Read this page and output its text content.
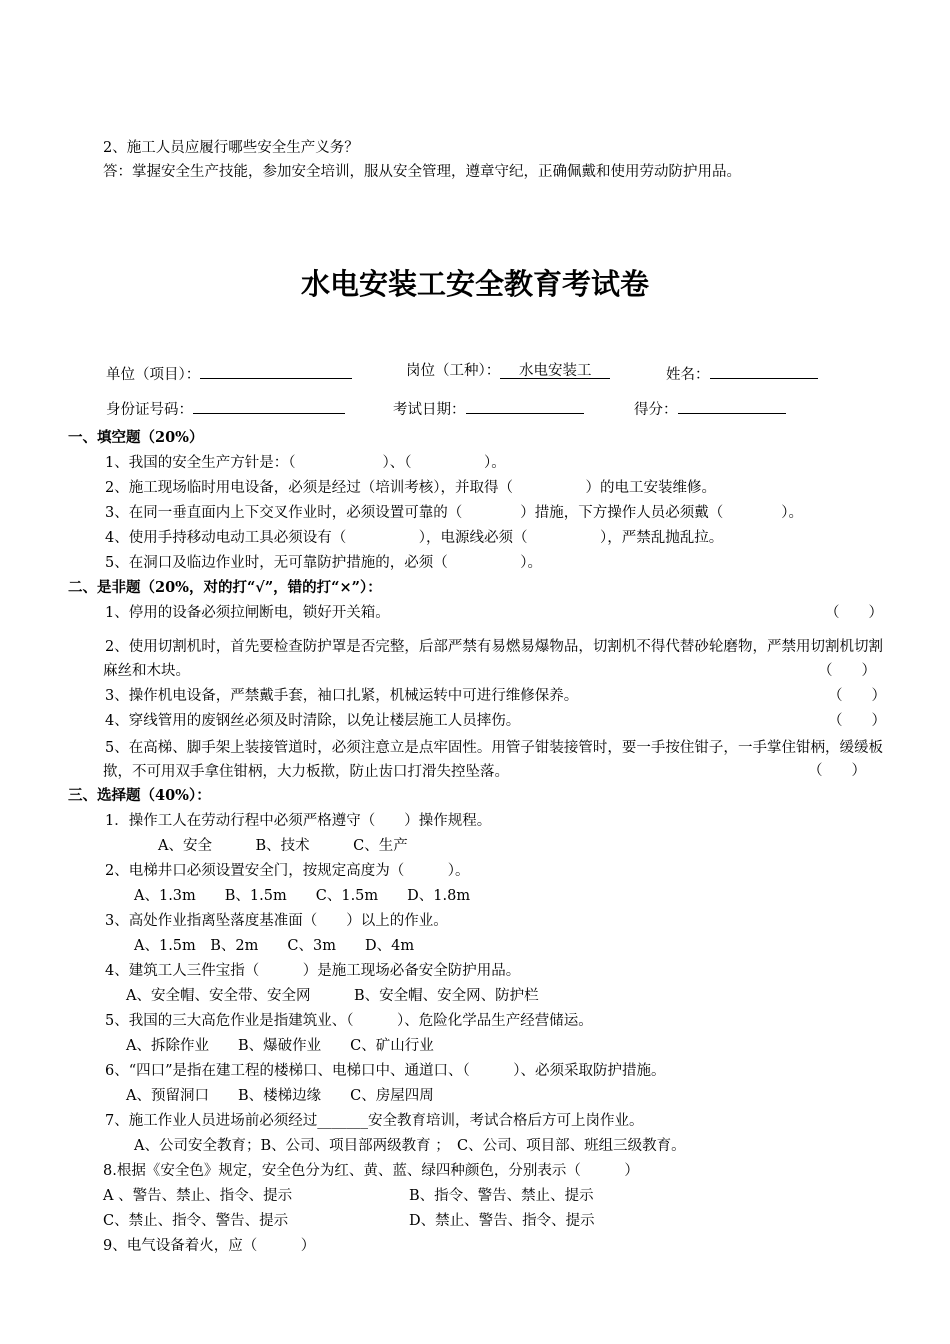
2、施工人员应履行哪些安全生产义务？
答：掌握安全生产技能，参加安全培训，服从安全管理，遵章守纪，正确佩戴和使用劳动防护用品。
水电安装工安全教育考试卷
单位（项目）：	岗位（工种）： 水电安装工	姓名：
身份证号码：	考试日期：	得分：
一、填空题（20%）
1、我国的安全生产方针是：（　　　　　　）、（　　　　　）。
2、施工现场临时用电设备，必须是经过（培训考核），并取得（　　　　　）的电工安装维修。
3、在同一垂直面内上下交叉作业时，必须设置可靠的（　　　　）措施，下方操作人员必须戴（　　　　）。
4、使用手持移动电动工具必须设有（　　　　　），电源线必须（　　　　　），严禁乱抛乱拉。
5、在洞口及临边作业时，无可靠防护措施的，必须（　　　　　）。
二、是非题（20%，对的打“√”，错的打“×”）：
1、停用的设备必须拉闸断电，锁好开关箱。	（　　）
2、使用切割机时，首先要检查防护罩是否完整，后部严禁有易燃易爆物品，切割机不得代替砂轮磨物，严禁用切割机切割麻丝和木块。	（　　）
3、操作机电设备，严禁戴手套，袖口扎紧，机械运转中可进行维修保养。	（　　）
4、穿线管用的废钢丝必须及时清除，以免让楼层施工人员摔伤。	（　　）
5、在高梯、脚手架上装接管道时，必须注意立是点牢固性。用管子钳装接管时，要一手按住钳子，一手掌住钳柄，缓缓板揿，不可用双手拿住钳柄，大力板揿，防止齿口打滑失控坠落。	（　　）
三、选择题（40%）：
1．操作工人在劳动行程中必须严格遵守（　　）操作规程。
A、安全　　　B、技术　　　C、生产
2、电梯井口必须设置安全门，按规定高度为（　　　）。
A、1.3m　　B、1.5m　　C、1.5m　　D、1.8m
3、高处作业指离坠落度基准面（　　）以上的作业。
A、1.5m　B、2m　　C、3m　　D、4m
4、建筑工人三件宝指（　　　）是施工现场必备安全防护用品。
A、安全帽、安全带、安全网　　　B、安全帽、安全网、防护栏
5、我国的三大高危作业是指建筑业、（　　　）、危险化学品生产经营储运。
A、拆除作业　　B、爆破作业　　C、矿山行业
6、“四口”是指在建工程的楼梯口、电梯口中、通道口、（　　　）、必须采取防护措施。
A、预留洞口　　B、楼梯边缘　　C、房屋四周
7、施工作业人员进场前必须经过_______安全教育培训，考试合格后方可上岗作业。
A、公司安全教育；B、公司、项目部两级教育 ；　C、公司、项目部、班组三级教育。
8.根据《安全色》规定，安全色分为红、黄、蓝、绿四种颜色，分别表示（　　　）
A 、警告、禁止、指令、提示	B、指令、警告、禁止、提示
C、禁止、指令、警告、提示	D、禁止、警告、指令、提示
9、电气设备着火，应（　　　）
